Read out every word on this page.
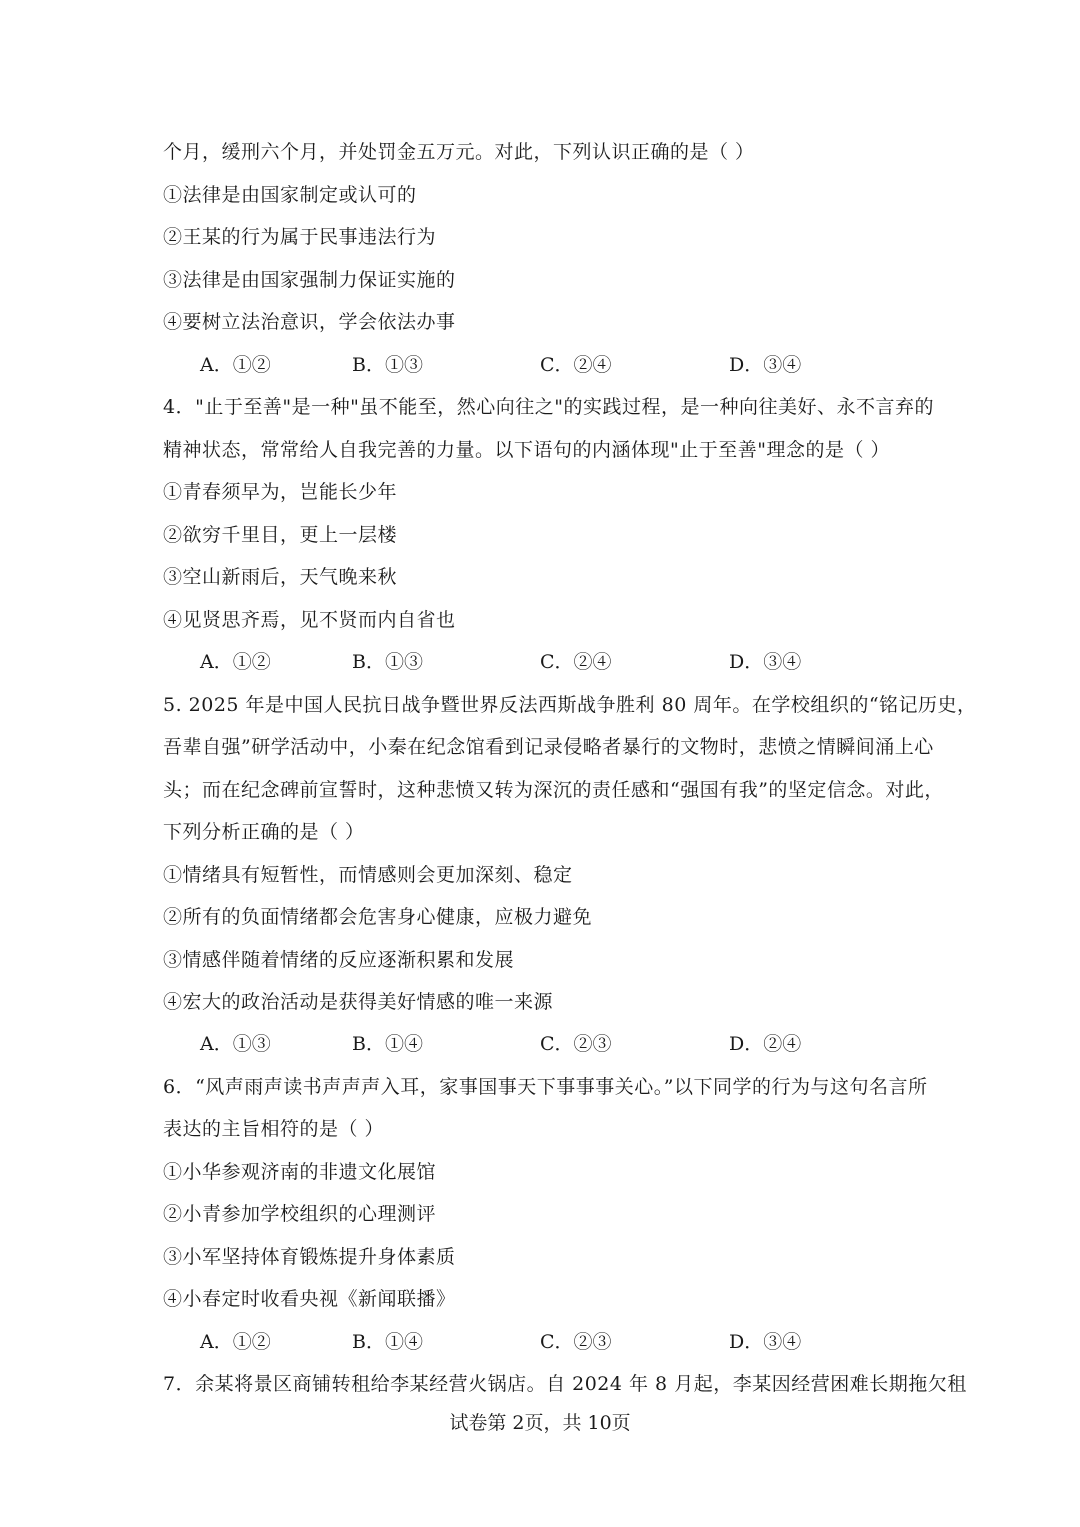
个月，缓刑六个月，并处罚金五万元。对此，下列认识正确的是（ ）
①法律是由国家制定或认可的
②王某的行为属于民事违法行为
③法律是由国家强制力保证实施的
④要树立法治意识，学会依法办事
A．①②	B．①③	C．②④	D．③④
4．"止于至善"是一种"虽不能至，然心向往之"的实践过程，是一种向往美好、永不言弃的
精神状态，常常给人自我完善的力量。以下语句的内涵体现"止于至善"理念的是（ ）
①青春须早为，岂能长少年
②欲穷千里目，更上一层楼
③空山新雨后，天气晚来秋
④见贤思齐焉，见不贤而内自省也
A．①②	B．①③	C．②④	D．③④
5. 2025 年是中国人民抗日战争暨世界反法西斯战争胜利 80 周年。在学校组织的“铭记历史，
吾辈自强”研学活动中，小秦在纪念馆看到记录侵略者暴行的文物时，悲愤之情瞬间涌上心
头；而在纪念碑前宣誓时，这种悲愤又转为深沉的责任感和“强国有我”的坚定信念。对此，
下列分析正确的是（ ）
①情绪具有短暂性，而情感则会更加深刻、稳定
②所有的负面情绪都会危害身心健康，应极力避免
③情感伴随着情绪的反应逐渐积累和发展
④宏大的政治活动是获得美好情感的唯一来源
A．①③	B．①④	C．②③	D．②④
6．“风声雨声读书声声声入耳，家事国事天下事事事关心。”以下同学的行为与这句名言所
表达的主旨相符的是（ ）
①小华参观济南的非遗文化展馆
②小青参加学校组织的心理测评
③小军坚持体育锻炼提升身体素质
④小春定时收看央视《新闻联播》
A．①②	B．①④	C．②③	D．③④
7．余某将景区商铺转租给李某经营火锅店。自 2024 年 8 月起，李某因经营困难长期拖欠租
试卷第 2页，共 10页
